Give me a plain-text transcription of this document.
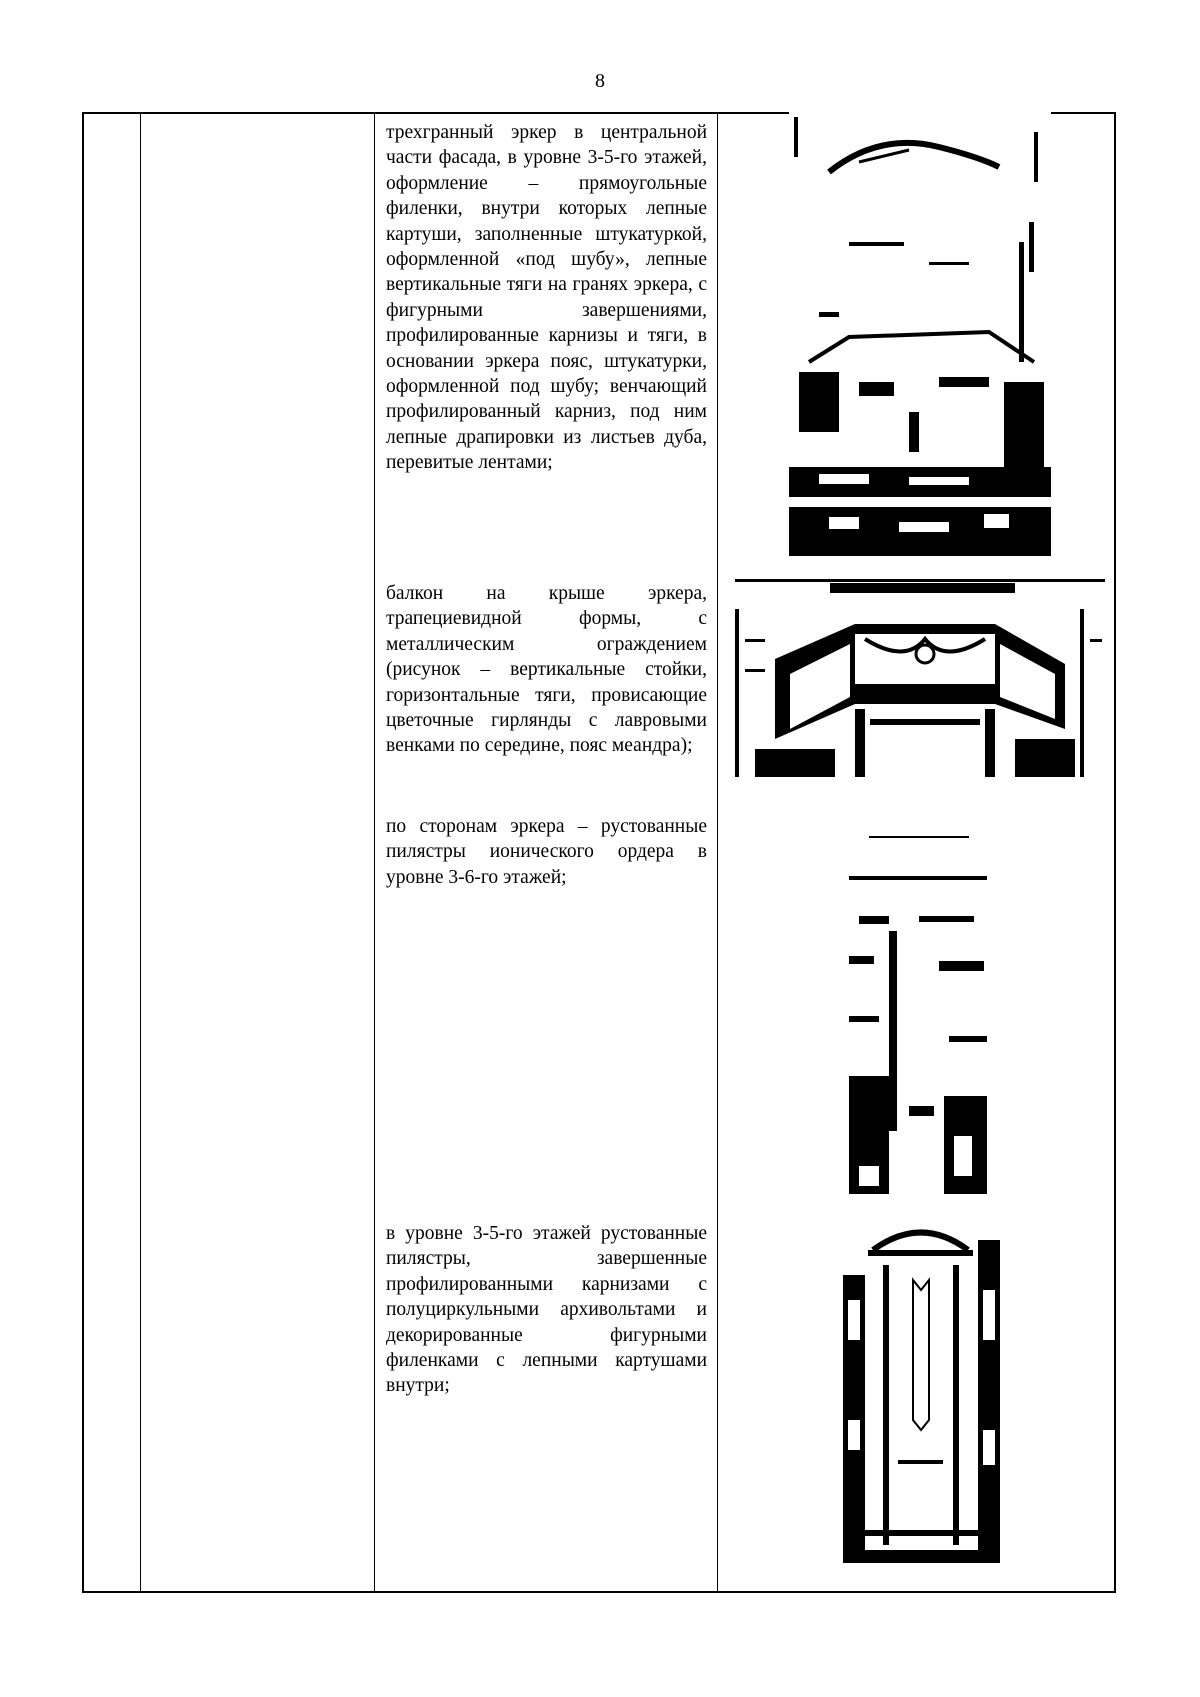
8
трехгранный эркер в центральной части фасада, в уровне 3-5-го этажей, оформление – прямоугольные филенки, внутри которых лепные картуши, заполненные штукатуркой, оформленной «под шубу», лепные вертикальные тяги на гранях эркера, с фигурными завершениями, профилированные карнизы и тяги, в основании эркера пояс, штукатурки, оформленной под шубу; венчающий профилированный карниз, под ним лепные драпировки из листьев дуба, перевитые лентами;
балкон на крыше эркера, трапециевидной формы, с металлическим ограждением (рисунок – вертикальные стойки, горизонтальные тяги, провисающие цветочные гирлянды с лавровыми венками по середине, пояс меандра);
по сторонам эркера – рустованные пилястры ионического ордера в уровне 3-6-го этажей;
в уровне 3-5-го этажей рустованные пилястры, завершенные профилированными карнизами с полуциркульными архивольтами и декорированные фигурными филенками с лепными картушами внутри;
